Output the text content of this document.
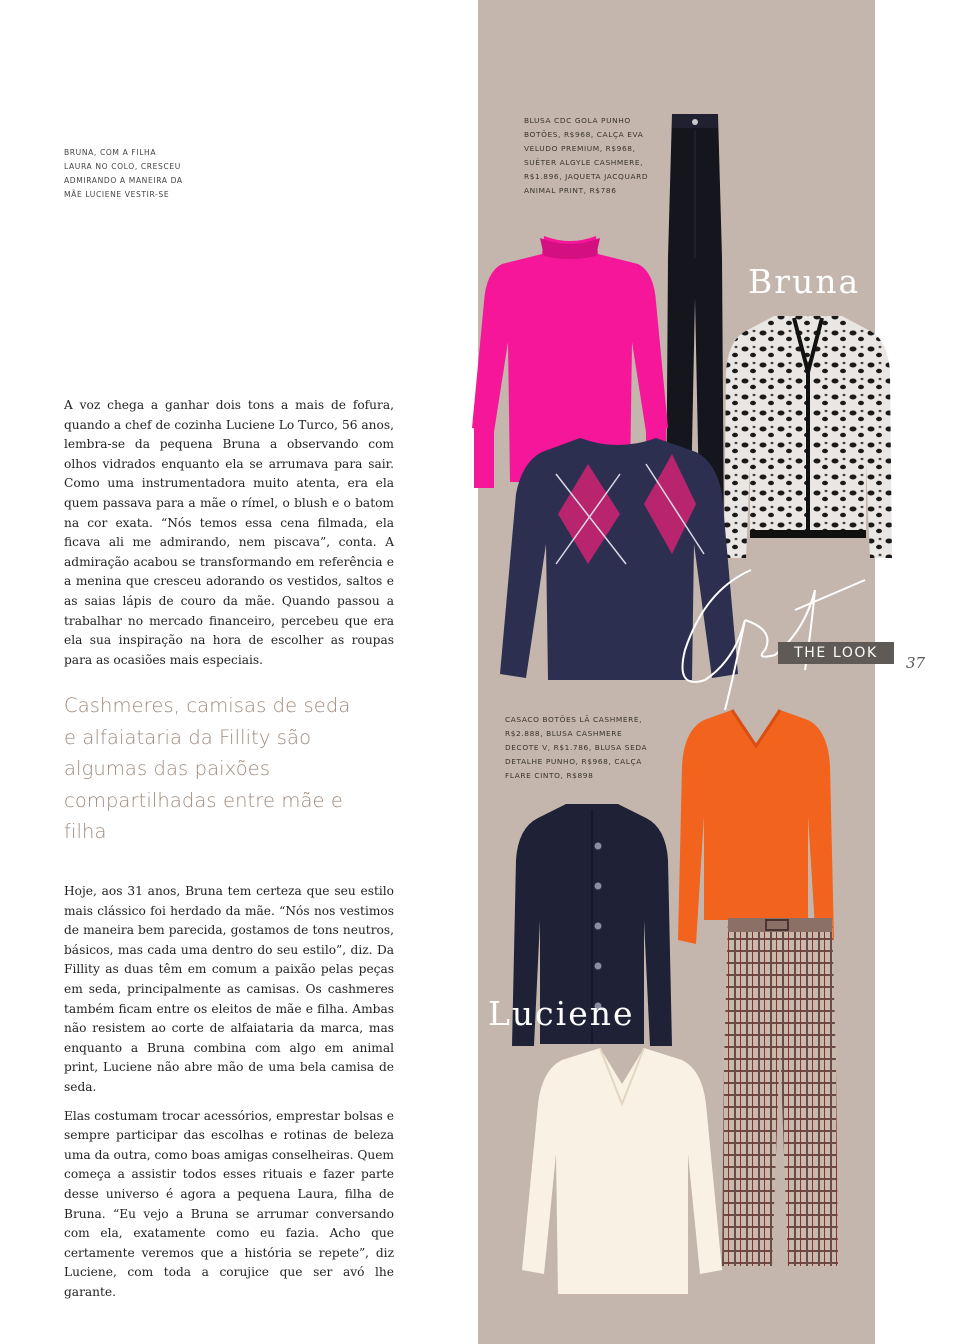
BRUNA, COM A FILHA LAURA NO COLO, CRESCEU ADMIRANDO A MANEIRA DA MÃE LUCIENE VESTIR-SE

A voz chega a ganhar dois tons a mais de fofura, quando a chef de cozinha Luciene Lo Turco, 56 anos, lembra-se da pequena Bruna a observando com olhos vidrados enquanto ela se arrumava para sair. Como uma instrumentadora muito atenta, era ela quem passava para a mãe o rímel, o blush e o batom na cor exata. “Nós temos essa cena filmada, ela ficava ali me admirando, nem piscava”, conta. A admiração acabou se transformando em referência e a menina que cresceu adorando os vestidos, saltos e as saias lápis de couro da mãe. Quando passou a trabalhar no mercado financeiro, percebeu que era ela sua inspiração na hora de escolher as roupas para as ocasiões mais especiais.

Cashmeres, camisas de seda e alfaiataria da Fillity são algumas das paixões compartilhadas entre mãe e filha

Hoje, aos 31 anos, Bruna tem certeza que seu estilo mais clássico foi herdado da mãe. “Nós nos vestimos de maneira bem parecida, gostamos de tons neutros, básicos, mas cada uma dentro do seu estilo”, diz. Da Fillity as duas têm em comum a paixão pelas peças em seda, principalmente as camisas. Os cashmeres também ficam entre os eleitos de mãe e filha. Ambas não resistem ao corte de alfaiataria da marca, mas enquanto a Bruna combina com algo em animal print, Luciene não abre mão de uma bela camisa de seda.

Elas costumam trocar acessórios, emprestar bolsas e sempre participar das escolhas e rotinas de beleza uma da outra, como boas amigas conselheiras. Quem começa a assistir todos esses rituais e fazer parte desse universo é agora a pequena Laura, filha de Bruna. “Eu vejo a Bruna se arrumar conversando com ela, exatamente como eu fazia. Acho que certamente veremos que a história se repete”, diz Luciene, com toda a corujice que ser avó lhe garante.

BLUSA CDC GOLA PUNHO BOTÕES, R$968, CALÇA EVA VELUDO PREMIUM, R$968, SUÉTER ALGYLE CASHMERE, R$1.896, JAQUETA JACQUARD ANIMAL PRINT, R$786
Bruna
Get
THE LOOK
37
CASACO BOTÕES LÃ CASHMERE, R$2.888, BLUSA CASHMERE DECOTE V, R$1.786, BLUSA SEDA DETALHE PUNHO, R$968, CALÇA FLARE CINTO, R$898
Luciene
